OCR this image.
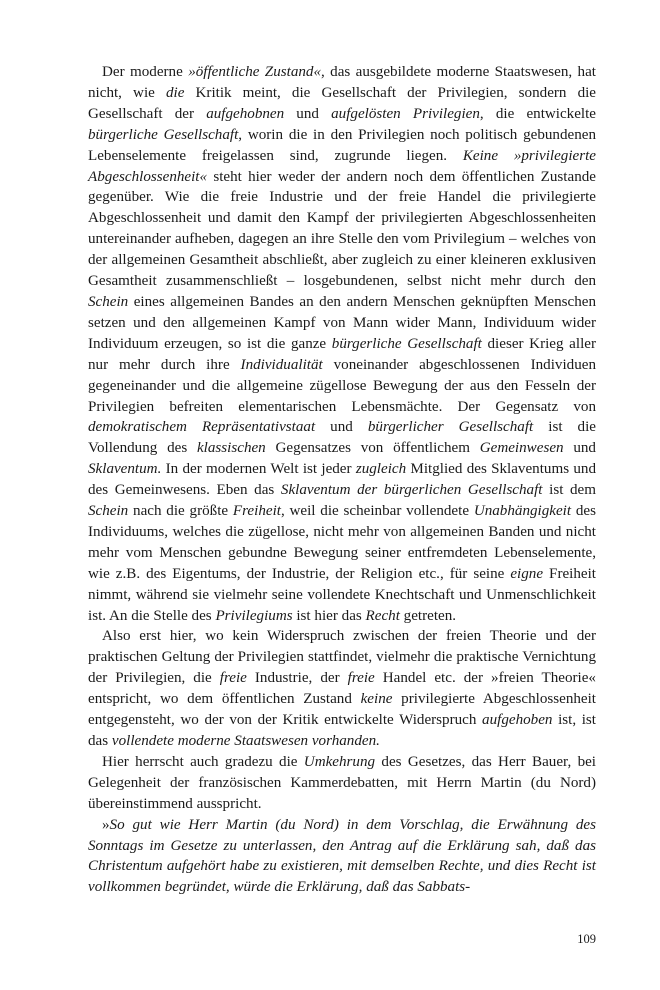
Der moderne »öffentliche Zustand«, das ausgebildete moderne Staatswesen, hat nicht, wie die Kritik meint, die Gesellschaft der Privilegien, sondern die Gesellschaft der aufgehobnen und aufgelösten Privilegien, die entwickelte bürgerliche Gesellschaft, worin die in den Privilegien noch politisch gebundenen Lebenselemente freigelassen sind, zugrunde liegen. Keine »privilegierte Abgeschlossenheit« steht hier weder der andern noch dem öffentlichen Zustande gegenüber. Wie die freie Industrie und der freie Handel die privilegierte Abgeschlossenheit und damit den Kampf der privilegierten Abgeschlossenheiten untereinander aufheben, dagegen an ihre Stelle den vom Privilegium – welches von der allgemeinen Gesamtheit abschließt, aber zugleich zu einer kleineren exklusiven Gesamtheit zusammenschließt – losgebundenen, selbst nicht mehr durch den Schein eines allgemeinen Bandes an den andern Menschen geknüpften Menschen setzen und den allgemeinen Kampf von Mann wider Mann, Individuum wider Individuum erzeugen, so ist die ganze bürgerliche Gesellschaft dieser Krieg aller nur mehr durch ihre Individualität voneinander abgeschlossenen Individuen gegeneinander und die allgemeine zügellose Bewegung der aus den Fesseln der Privilegien befreiten elementarischen Lebensmächte. Der Gegensatz von demokratischem Repräsentativstaat und bürgerlicher Gesellschaft ist die Vollendung des klassischen Gegensatzes von öffentlichem Gemeinwesen und Sklaventum. In der modernen Welt ist jeder zugleich Mitglied des Sklaventums und des Gemeinwesens. Eben das Sklaventum der bürgerlichen Gesellschaft ist dem Schein nach die größte Freiheit, weil die scheinbar vollendete Unabhängigkeit des Individuums, welches die zügellose, nicht mehr von allgemeinen Banden und nicht mehr vom Menschen gebundne Bewegung seiner entfremdeten Lebenselemente, wie z.B. des Eigentums, der Industrie, der Religion etc., für seine eigne Freiheit nimmt, während sie vielmehr seine vollendete Knechtschaft und Unmenschlichkeit ist. An die Stelle des Privilegiums ist hier das Recht getreten.

Also erst hier, wo kein Widerspruch zwischen der freien Theorie und der praktischen Geltung der Privilegien stattfindet, vielmehr die praktische Vernichtung der Privilegien, die freie Industrie, der freie Handel etc. der »freien Theorie« entspricht, wo dem öffentlichen Zustand keine privilegierte Abgeschlossenheit entgegensteht, wo der von der Kritik entwickelte Widerspruch aufgehoben ist, ist das vollendete moderne Staatswesen vorhanden.

Hier herrscht auch gradezu die Umkehrung des Gesetzes, das Herr Bauer, bei Gelegenheit der französischen Kammerdebatten, mit Herrn Martin (du Nord) übereinstimmend ausspricht.

»So gut wie Herr Martin (du Nord) in dem Vorschlag, die Erwähnung des Sonntags im Gesetze zu unterlassen, den Antrag auf die Erklärung sah, daß das Christentum aufgehört habe zu existieren, mit demselben Rechte, und dies Recht ist vollkommen begründet, würde die Erklärung, daß das Sabbats-

109
